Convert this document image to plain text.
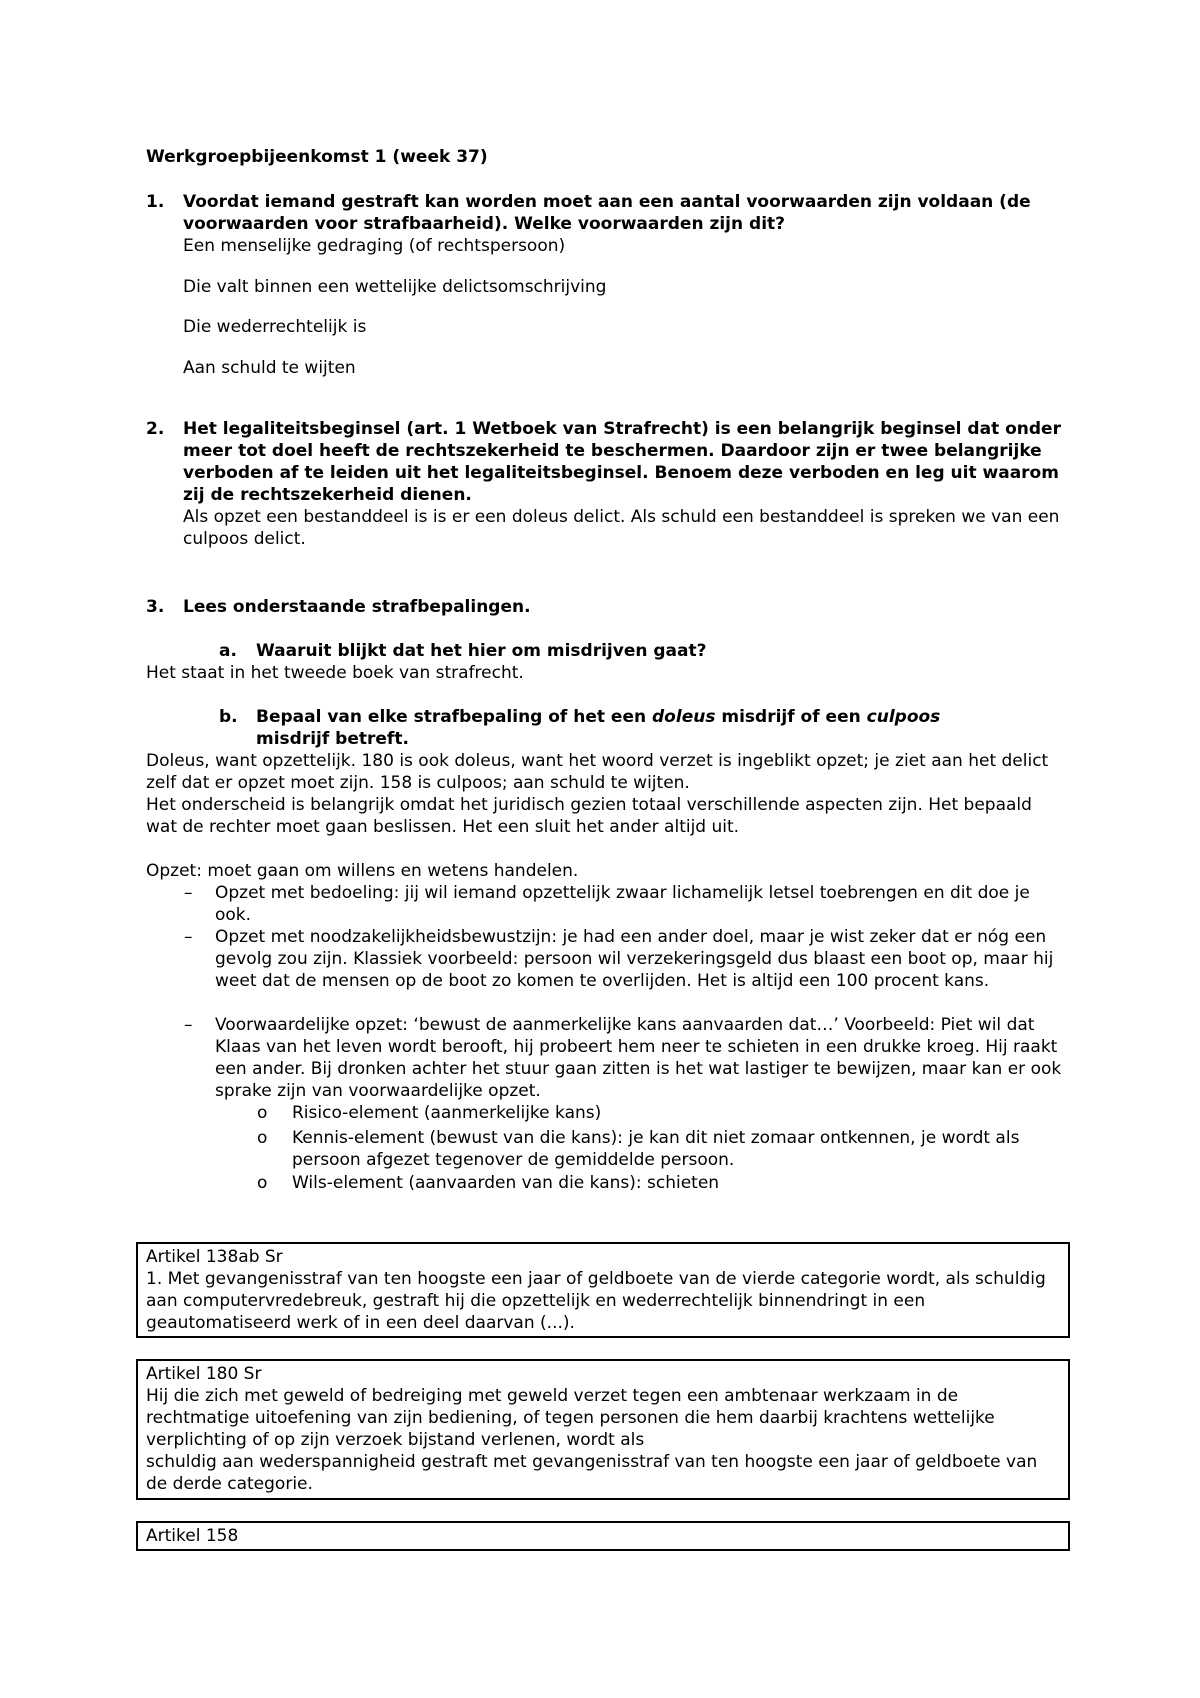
Werkgroepbijeenkomst 1 (week 37)
1. Voordat iemand gestraft kan worden moet aan een aantal voorwaarden zijn voldaan (de voorwaarden voor strafbaarheid). Welke voorwaarden zijn dit?
Een menselijke gedraging (of rechtspersoon)
Die valt binnen een wettelijke delictsomschrijving
Die wederrechtelijk is
Aan schuld te wijten
2. Het legaliteitsbeginsel (art. 1 Wetboek van Strafrecht) is een belangrijk beginsel dat onder meer tot doel heeft de rechtszekerheid te beschermen. Daardoor zijn er twee belangrijke verboden af te leiden uit het legaliteitsbeginsel. Benoem deze verboden en leg uit waarom zij de rechtszekerheid dienen.
Als opzet een bestanddeel is is er een doleus delict. Als schuld een bestanddeel is spreken we van een culpoos delict.
3. Lees onderstaande strafbepalingen.
a. Waaruit blijkt dat het hier om misdrijven gaat?
Het staat in het tweede boek van strafrecht.
b. Bepaal van elke strafbepaling of het een doleus misdrijf of een culpoos
misdrijf betreft.
Doleus, want opzettelijk. 180 is ook doleus, want het woord verzet is ingeblikt opzet; je ziet aan het delict zelf dat er opzet moet zijn. 158 is culpoos; aan schuld te wijten.
Het onderscheid is belangrijk omdat het juridisch gezien totaal verschillende aspecten zijn. Het bepaald wat de rechter moet gaan beslissen. Het een sluit het ander altijd uit.
Opzet: moet gaan om willens en wetens handelen.
– Opzet met bedoeling: jij wil iemand opzettelijk zwaar lichamelijk letsel toebrengen en dit doe je ook.
– Opzet met noodzakelijkheidsbewustzijn: je had een ander doel, maar je wist zeker dat er nóg een gevolg zou zijn. Klassiek voorbeeld: persoon wil verzekeringsgeld dus blaast een boot op, maar hij weet dat de mensen op de boot zo komen te overlijden. Het is altijd een 100 procent kans.
– Voorwaardelijke opzet: ‘bewust de aanmerkelijke kans aanvaarden dat…’ Voorbeeld: Piet wil dat Klaas van het leven wordt berooft, hij probeert hem neer te schieten in een drukke kroeg. Hij raakt een ander. Bij dronken achter het stuur gaan zitten is het wat lastiger te bewijzen, maar kan er ook sprake zijn van voorwaardelijke opzet.
o Risico-element (aanmerkelijke kans)
o Kennis-element (bewust van die kans): je kan dit niet zomaar ontkennen, je wordt als persoon afgezet tegenover de gemiddelde persoon.
o Wils-element (aanvaarden van die kans): schieten

Artikel 138ab Sr

1. Met gevangenisstraf van ten hoogste een jaar of geldboete van de vierde categorie wordt, als schuldig aan computervredebreuk, gestraft hij die opzettelijk en wederrechtelijk binnendringt in een geautomatiseerd werk of in een deel daarvan (...).

Artikel 180 Sr

Hij die zich met geweld of bedreiging met geweld verzet tegen een ambtenaar werkzaam in de rechtmatige uitoefening van zijn bediening, of tegen personen die hem daarbij krachtens wettelijke verplichting of op zijn verzoek bijstand verlenen, wordt als

schuldig aan wederspannigheid gestraft met gevangenisstraf van ten hoogste een jaar of geldboete van de derde categorie.

Artikel 158
